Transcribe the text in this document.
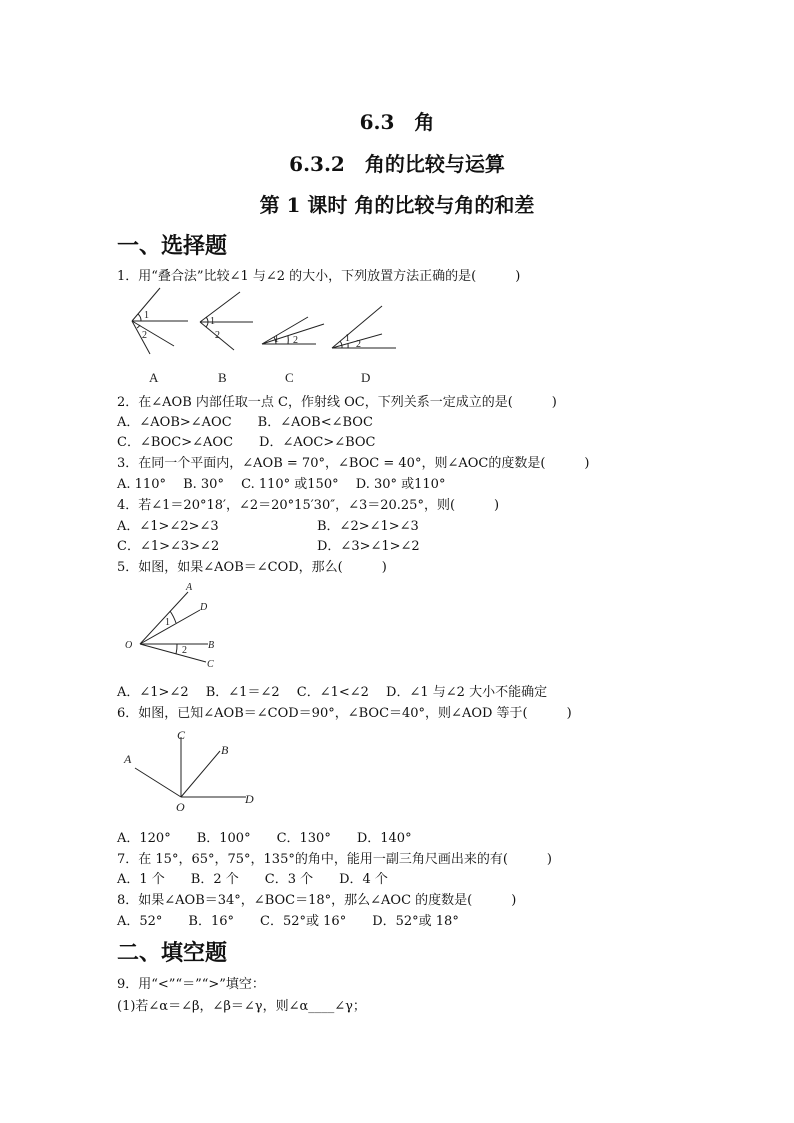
6.3　角
6.3.2　角的比较与运算
第 1 课时 角的比较与角的和差
一、选择题
1．用“叠合法”比较∠1 与∠2 的大小，下列放置方法正确的是(　　　)
1
2
1
2	1 2	1
2
A	B	C	D
2．在∠AOB 内部任取一点 C，作射线 OC，下列关系一定成立的是(　　　)
A．∠AOB>∠AOC　　B．∠AOB<∠BOC
C．∠BOC>∠AOC　　D．∠AOC>∠BOC
3．在同一个平面内，∠AOB = 70°，∠BOC = 40°，则∠AOC的度数是(　　　)
A. 110°　 B. 30°　 C. 110° 或150°　 D. 30° 或110°
4．若∠1＝20°18′，∠2＝20°15′30″，∠3＝20.25°，则(　　　)
A．∠1>∠2>∠3	B．∠2>∠1>∠3
C．∠1>∠3>∠2	D．∠3>∠1>∠2
5．如图，如果∠AOB＝∠COD，那么(　　　)
A
D
O	B
C
1
2
A．∠1>∠2　 B．∠1＝∠2　 C．∠1<∠2　 D．∠1 与∠2 大小不能确定
6．如图，已知∠AOB＝∠COD＝90°，∠BOC＝40°，则∠AOD 等于(　　　)
C
B
A
O
D
A．120°　　B．100°　　C．130°　　D．140°
7．在 15°，65°，75°，135°的角中，能用一副三角尺画出来的有(　　　)
A．1 个　　B．2 个　　C．3 个　　D．4 个
8．如果∠AOB＝34°，∠BOC＝18°，那么∠AOC 的度数是(　　　)
A．52°　　B．16°　　C．52°或 16°　　D．52°或 18°
二、填空题
9．用“<”“＝”“>”填空：
(1)若∠α＝∠β，∠β＝∠γ，则∠α____∠γ；
